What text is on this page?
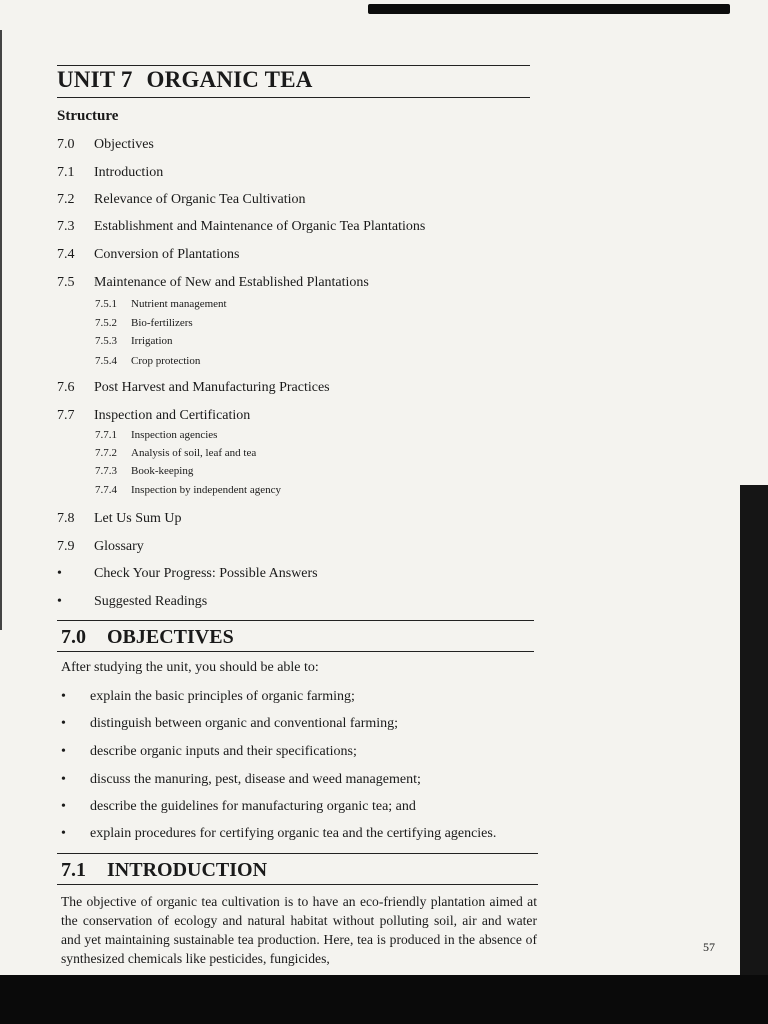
UNIT 7 ORGANIC TEA
Structure
7.0 Objectives
7.1 Introduction
7.2 Relevance of Organic Tea Cultivation
7.3 Establishment and Maintenance of Organic Tea Plantations
7.4 Conversion of Plantations
7.5 Maintenance of New and Established Plantations
7.5.1 Nutrient management
7.5.2 Bio-fertilizers
7.5.3 Irrigation
7.5.4 Crop protection
7.6 Post Harvest and Manufacturing Practices
7.7 Inspection and Certification
7.7.1 Inspection agencies
7.7.2 Analysis of soil, leaf and tea
7.7.3 Book-keeping
7.7.4 Inspection by independent agency
7.8 Let Us Sum Up
7.9 Glossary
• Check Your Progress: Possible Answers
• Suggested Readings
7.0 OBJECTIVES
After studying the unit, you should be able to:
• explain the basic principles of organic farming;
• distinguish between organic and conventional farming;
• describe organic inputs and their specifications;
• discuss the manuring, pest, disease and weed management;
• describe the guidelines for manufacturing organic tea; and
• explain procedures for certifying organic tea and the certifying agencies.
7.1 INTRODUCTION
The objective of organic tea cultivation is to have an eco-friendly plantation aimed at the conservation of ecology and natural habitat without polluting soil, air and water and yet maintaining sustainable tea production. Here, tea is produced in the absence of synthesized chemicals like pesticides, fungicides,
57
